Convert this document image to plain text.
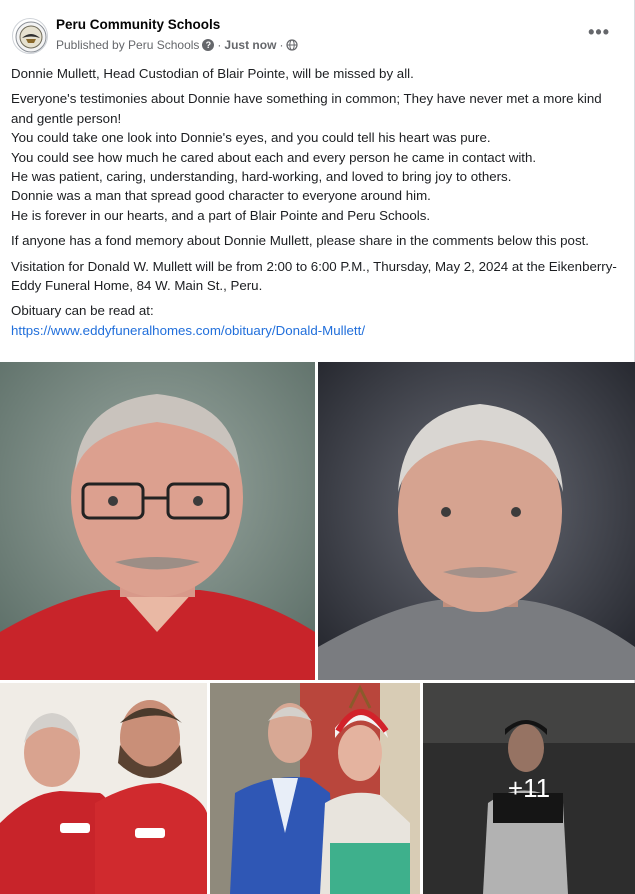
Peru Community Schools
Published by Peru Schools ? · Just now ·
•••

Donnie Mullett, Head Custodian of Blair Pointe, will be missed by all.

Everyone's testimonies about Donnie have something in common; They have never met a more kind and gentle person!
You could take one look into Donnie's eyes, and you could tell his heart was pure.
You could see how much he cared about each and every person he came in contact with.
He was patient, caring, understanding, hard-working, and loved to bring joy to others.
Donnie was a man that spread good character to everyone around him.
He is forever in our hearts, and a part of Blair Pointe and Peru Schools.

If anyone has a fond memory about Donnie Mullett, please share in the comments below this post.

Visitation for Donald W. Mullett will be from 2:00 to 6:00 P.M., Thursday, May 2, 2024 at the Eikenberry-Eddy Funeral Home, 84 W. Main St., Peru.

Obituary can be read at:
https://www.eddyfuneralhomes.com/obituary/Donald-Mullett/

+11
